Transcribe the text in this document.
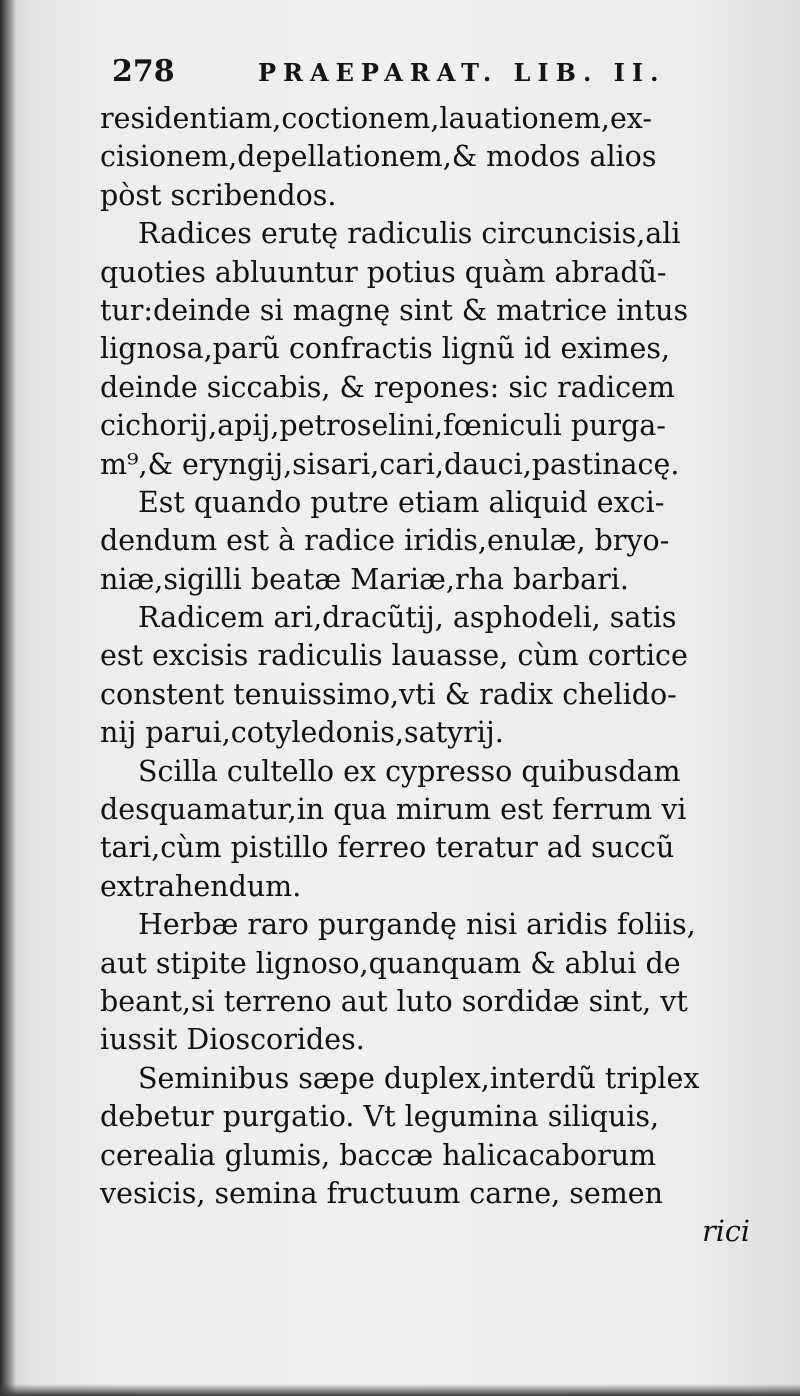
278	PRAEPARAT. LIB. II.
residentiam,coctionem,lauationem,ex-
cisionem,depellationem,& modos alios
pòst scribendos.
Radices erutę radiculis circuncisis,ali
quoties abluuntur potius quàm abradũ-
tur:deinde si magnę sint & matrice intus
lignosa,parũ confractis lignũ id eximes,
deinde siccabis, & repones: sic radicem
cichorij,apij,petroselini,fœniculi purga-
m⁹,& eryngij,sisari,cari,dauci,pastinacę.
Est quando putre etiam aliquid exci-
dendum est à radice iridis,enulæ, bryo-
niæ,sigilli beatæ Mariæ,rha barbari.
Radicem ari,dracũtij, asphodeli, satis
est excisis radiculis lauasse, cùm cortice
constent tenuissimo,vti & radix chelido-
nij parui,cotyledonis,satyrij.
Scilla cultello ex cypresso quibusdam
desquamatur,in qua mirum est ferrum vi
tari,cùm pistillo ferreo teratur ad succũ
extrahendum.
Herbæ raro purgandę nisi aridis foliis,
aut stipite lignoso,quanquam & ablui de
beant,si terreno aut luto sordidæ sint, vt
iussit Dioscorides.
Seminibus sæpe duplex,interdũ triplex
debetur purgatio. Vt legumina siliquis,
cerealia glumis, baccæ halicacaborum
vesicis, semina fructuum carne, semen
rici
